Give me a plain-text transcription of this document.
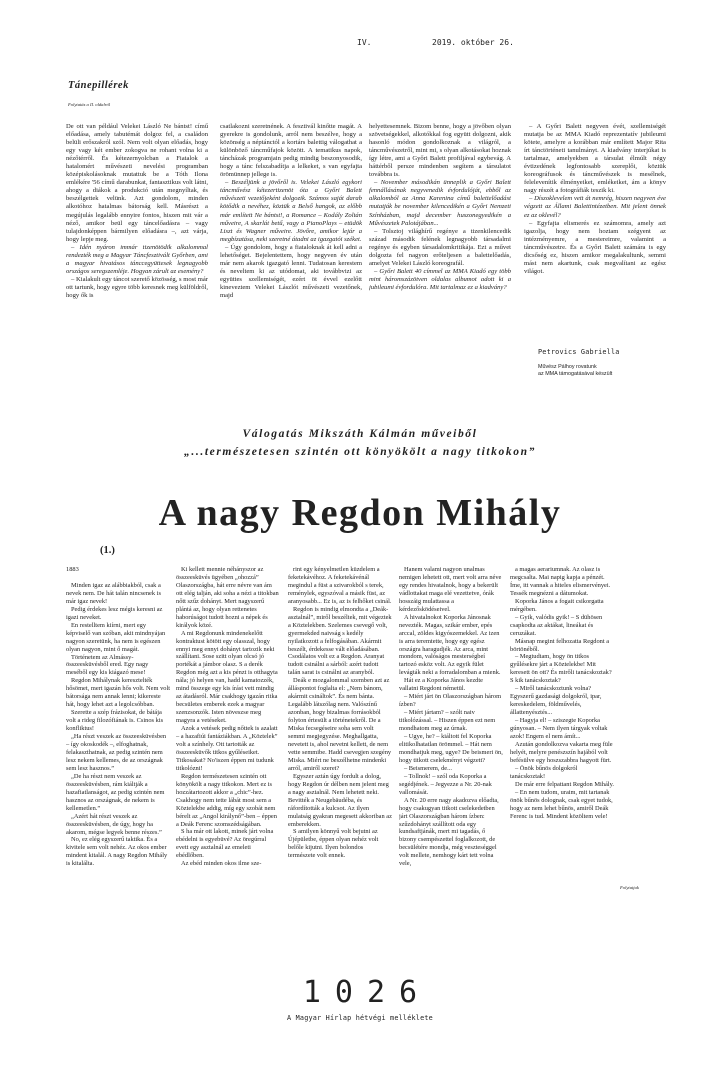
IV.	2019. október 26.
Tánepillérek
Folytatás a II. oldalról

De ott van például Velekei László Ne bántst! című előadása, amely tabutémát dolgoz fel, a családon belüli erőszakról szól. Nem volt olyan előadás, hogy egy vagy két ember zokogva ne rohant volna ki a nézőtérről. És kétezernyolcban a Fiatalok a hatalomért művészeti nevelési programban középiskolásoknak mutattuk be a Tóth Ilona emlékére '56 című darabunkat, fantasztikus volt látni, ahogy a diákok a produkció után megnyíltak, és beszélgettek velünk. Azt gondolom, minden alkotóhoz hatalmas bátorság kell. Másrészt a megújulás legalább ennyire fontos, hiszen mit vár a néző, amikor beül egy táncelőadásra – vagy tulajdonképpen bármilyen előadásra –, azt várja, hogy lepje meg.

– Idén nyáron immár tizenötödik alkalommal rendezték meg a Magyar Táncfesztivált Győrben, ami a magyar hivatásos tánccegyüttesek legnagyobb országos seregszemléje. Hogyan zárult az esemény?

– Kialakult egy táncot szerető közösség, s most már ott tartunk, hogy egyre több keresnek meg külföldről, hogy ők is

csatlakozni szeretnének. A fesztivál kinőtte magát. A gyerekre is gondolunk, arról nem beszélve, hogy a közönség a néptánctól a kortárs balettig válogathat a különböző táncműfajok között. A tematikus napok, táncházak programjain pedig mindig beszonyosodik, hogy a tánc felszabadítja a lelkeket, s van egyfajta örömünnep jellege is.

– Beszéljünk a jövőről is. Velekei László egykori táncművész kétezertizenöt óta a Győri Balett művészeti vezetőjeként dolgozik. Számos saját darab kötődik a nevéhez, köztük a Belső hangok, az előbb már említett Ne bántst!, a Romance – Kodály Zoltán műveire, A skarlát betű, vagy a PianoPlays – etüdök Liszt és Wagner műveire. Jövőre, amikor lejár a megbízatása, neki szeretné átadni az igazgatói széket.

– Úgy gondolom, hogy a fiataloknak át kell adni a lehetőséget. Bejelentettem, hogy negyven év után már nem akarok igazgató lenni. Tudatosan kerestem és neveltem ki az utódomat, aki továbbvizi az együttes szellemiségét, ezért öt évvel ezelőtt kineveztem Velekei Lászlót művészeti vezetőnek, majd

helyettesemnek. Bizom benne, hogy a jövőben olyan szövetségekkel, alkotókkal fog együtt dolgozni, akik hasonló módon gondolkoznak a világról, a táncművészetről, mint mi, s olyan alkotásokat hoznak így létre, ami a Győri Balett profiljával egybevág. A háttérből persze mindenben segítem a társulatot továbbra is.

– November másodikán ünneplik a Győri Balett fennállásának negyvenedik évfordulóját, ebből az alkalomból az Anna Karenina című balettelőadást mutatják be november kilencedikén a Győri Nemzeti Színházban, majd december huszonegyedikén a Művészetek Palotájában...

– Tolsztoj világhírű regénye a tizenkilencedik század második felének legnagyobb társadalmi regénye és egyben társadalomkritikája. Ezt a művet dolgozta fel nagyon erőteljesen a balettelőadás, amelyet Velekei László koreografál.

– Győri Balett 40 címmel az MMA Kiadó egy több mint háromszázötven oldalas albumot adott ki a jubileumi évfordulóra. Mit tartalmaz ez a kiadvány?

– A Győri Balett negyven évét, szellemiségét mutatja be az MMA Kiadó reprezentatív jubileumi kötete, amelyre a korábban már említett Major Rita írt tánctörténeti tanulmányt. A kiadvány interjúkat is tartalmaz, amelyekben a társulat élmúlt négy évtizedének legfontosabb szereplői, köztük koreográfusok és táncművészek is mesélnek, felelevenítik élményeiket, emlékeiket, ám a könyv nagy részét a fotográfiák teszik ki.

– Díszokleveleт vett át nemrég, hiszen negyven éve végzett az Állami Balettintézetben. Mit jelent önnek ez az oklevél?

– Egyfajta elismerés ez számomra, amely azt igazolja, hogy nem hoztam szégyent az intézményemre, a mestereimre, valamint a táncművészetre. És a Győri Balett számára is egy dicsőség ez, hiszen amikor megalakultunk, semmi mást nem akartunk, csak megvalítani az egész világot.

Petrovics Gabriella
Művész Pálhoy rovatunk
az MMA támogatásával készült
Válogatás Mikszáth Kálmán műveiből
„...természetesen szintén ott könyökölt a nagy titkokon”
A nagy Regdon Mihály
(1.)

1883

Minden igaz az alábbiakból, csak a nevek nem. De hát talán nincsenek is már igaz nevek!

Pedig érdekes lesz mégis keresni az igazi neveket.

En restelltem kiírni, mert egy képviselő van szóban, akit mindnyájan nagyon szeretünk, ha nem is egészen olyan nagyon, mint ő magát.

Történetem az Almássy-összeesküvésből ered. Egy nagy meséből egy kis kiágazó mese!

Regdon Mihálynak keresztelték hősömet, mert igazán hős volt. Nem volt bátorsága nem annak lenni; kikereste hát, hogy lehet azt a legolcsóbban.

Szerette a szép frázisokat, de bátája volt a rideg filozófiának is. Csinos kis konfliktus!

„Ha részt veszek az összeesküvésben – így okoskodék –, elfoghatnak, felakaszthatnak, az pedig szintén nem lesz nekem kellemes, de az országnak sem lesz hasznos.”

„De ha részt nem veszek az összeesküvésben, rám kiáltják a hazafiatlanságot, az pedig szintén nem hasznos az országnak, de nekem is kellemetlen.”

„Azért hát részt veszek az összeesküvésben, de úgy, hogy ha akarom, mégse legyek benne részes.”

No, ez elég egyszerű taktika. És a kivitele sem volt nehéz. Az okos ember mindent kitalál. A nagy Regdon Mihály is kitalálta.

Ki kellett mennie néhányszor az összeesküvés ügyében „ohozzá” Olaszországba, hát erre névre van ám ott elég talján, aki soha a nézi a titokban nőtt szűz dohányt. Mert nagyszerű plántá az, hogy olyan rettenetes haborúságot tudott hozni a népek és királyok közé.

A mi Regdonunk mindenekelőtt kontraktust kötött egy olasszal, hogy ennyi meg ennyi dohányt tartozik neki szállítani. Sose szitt olyan olcsó jó portékát a jámbor olasz. S a derék Regdon még azt a kis pénzt is otthagyta nála; jó helyen van, hadd kamatozzék, mind összege egy kis írást vett mindig az átadásról. Már csakhogy igazán ritka becsületes emberek ezek a magyar szenzsonzók. Isten növeszse meg magyra a vetéseket.

Azok a vetések pedig nőttek is azalatt – a hazafiúi fantáziákban. A „Köztelek” volt a színhely. Ott tartották az összeesküvők titkos gyűléseiket. Titkosakat? No'iszen éppen mi tudunk titkolózni!

Regdon természetesen szintén ott könyökölt a nagy titkokon. Mert ez is hozzátartozott akkor a „chic”-hez. Csakhogy nem tette lábát most sem a Köztelekbe addig, míg egy szobát nem bérelt az „Angol királynő”-ben – éppen a Deák Ferenc szomszédságában.

S ha már ott lakott, minek járt volna ebédelni is egyebüvé? Az öregúrral evett egy asztalnál az emeleti ebédlőben.

Az ebéd minden okos ilme sze-

rint egy kényelmetlen küzdelem a feketekávéhoz. A feketekávénál megindul a füst a szivarokból s terek, reménylek, egyszóval a másik füst, az aranyosabb... Ez is, az is felhőket csinál.

Regdon is mindig elmondta a „Deák-asztalnál”, miről beszéltek, mit végeztek a Köztelekben. Szelemes csevegő volt, gyermekded naivság s kedély nyilatkozott a felfogásában. Akármit beszélt, érdekesse vált előadásában. Csodálatos volt ez a Regdon. Aranyat tudott csinálni a sárból: azért tudott talán sarat is csinálni az aranyból.

Deák e mozgalommal szemben azt az álláspontot foglalta el: „Nem bánom, akármit csináltok”. És nem bánta. Legalább látszólag nem. Valószínű azonban, hogy bizalmas forrásokból folyton értesült a történetekről. De a Miska fecsegéseire soha sem volt semmi megjegyzése. Meghallgatta, nevetett is, ahol nevetni kellett, de nem vette semmibe. Hadd csevegjen szegény Miska. Miért ne beszélhetne mindenki arról, amiről szeret?

Egyszer aztán úgy fordult a dolog, hogy Regdon úr délben nem jelent meg a nagy asztalnál. Nem lehetett neki. Bevitték a Neugebäudéba, és ráfordították a kulcsot. Az ilyen mulatság gyakran megesett akkoriban az emberekken.

S amilyen könnyű volt bejutni az Újépületbe, éppen olyan nehéz volt belőle kijutni. Ilyen bolondos természete volt ennek.

Hanem valami nagyon unalmas nemigen lehetett ott, mert volt arra néve egy rendes hivatalnok, hogy a bekerült vádlottakat maga elé vezettetve, órák hosszáig mulattassa a kérdezősködéseivel.

A hivatalnokot Koporka Jánosnak nevezték. Magas, szikár ember, epés arccal, zöldes kigyószemekkel. Az izen is arra teremtette, hogy egy egész országra haragudjék. Az arca, mint mondom, valóságos mesterségbeí tartozó esköz volt. Az egyik fület levágták neki a forradalomban a mienk.

Hát ez a Koporka János kezdte vallatni Regdont németül.

– Miért járt ön Olaszországban három ízben?

– Miért jártam? – szólt naiv titkolózással. – Hiszen éppen ezt nem mondhatom meg az úrnak.

– Ugye, he? – kiáltott fel Koporka elitikolhatatlan örömmel. – Hát nem mondhatjuk meg, ugye? De beismeri ön, hogy titkott cselekményt végzett?

– Beismerem, de...

– Tollnok! – szól oda Koporka a segédjének. – Jegyezze a Nr. 20-nak vallomását.

A Nr. 20 erre nagy akadozva előadta, hogy csakugyan titkott cselekedetben járt Olaszországban három ízben: szűzdohányt szállított oda egy kundsaftjánák, mert mi tagadás, ő bizony csempészettel foglalkozott, de becsülétére mondja, még veszteséggel volt mellete, nemhogy kárt tett volna vele,

a magas aerariumnak. Az olasz is megcsalta. Mai napig kapja a pénzét. Íme, itt vannak a hiteles elismervényei. Tessék megnézni a dátumokat.

Koporka János a fogait csikorgatta mérgében.

– Gyik, valódis gyik! – S dühösen csapkodta az aktákat, lineákat és ceruzákat.

Másnap megint felhozatta Regdont a börtönéből.

– Megtudtam, hogy ön titkos gyűlésekre járt a Köztelekbe! Mit keresett ön ott? És mirőli tanácskoztak? S kik tanácskoztak?

– Miről tanácskoztunk volna? Egyszerű gazdasági dolgokról, ipar, kereskedelem, földművelés, állattenyésztés...

– Hagyja el! – sziszegte Koporka gúnyosan. – Nem ilyen tárgyak voltak azok! Engem el nem ámít...

Azután gondolkozva vakarta meg füle helyét, melyre penészszín hajából volt befésülve egy hoszszabbra hagyott fürt.

– Önök bűnös dolgokról tanácskoztak!

De már erre felpattant Regdon Mihály.

– En nem tudom, uraim, mit tartanak önök bűnös dolognak, csak egyet tudok, hogy az nem lehet bűnös, amiről Deák Ferenc is tud. Mindent közöltem vele!

Folytatjuk
1026
A Magyar Hírlap hétvégi melléklete
